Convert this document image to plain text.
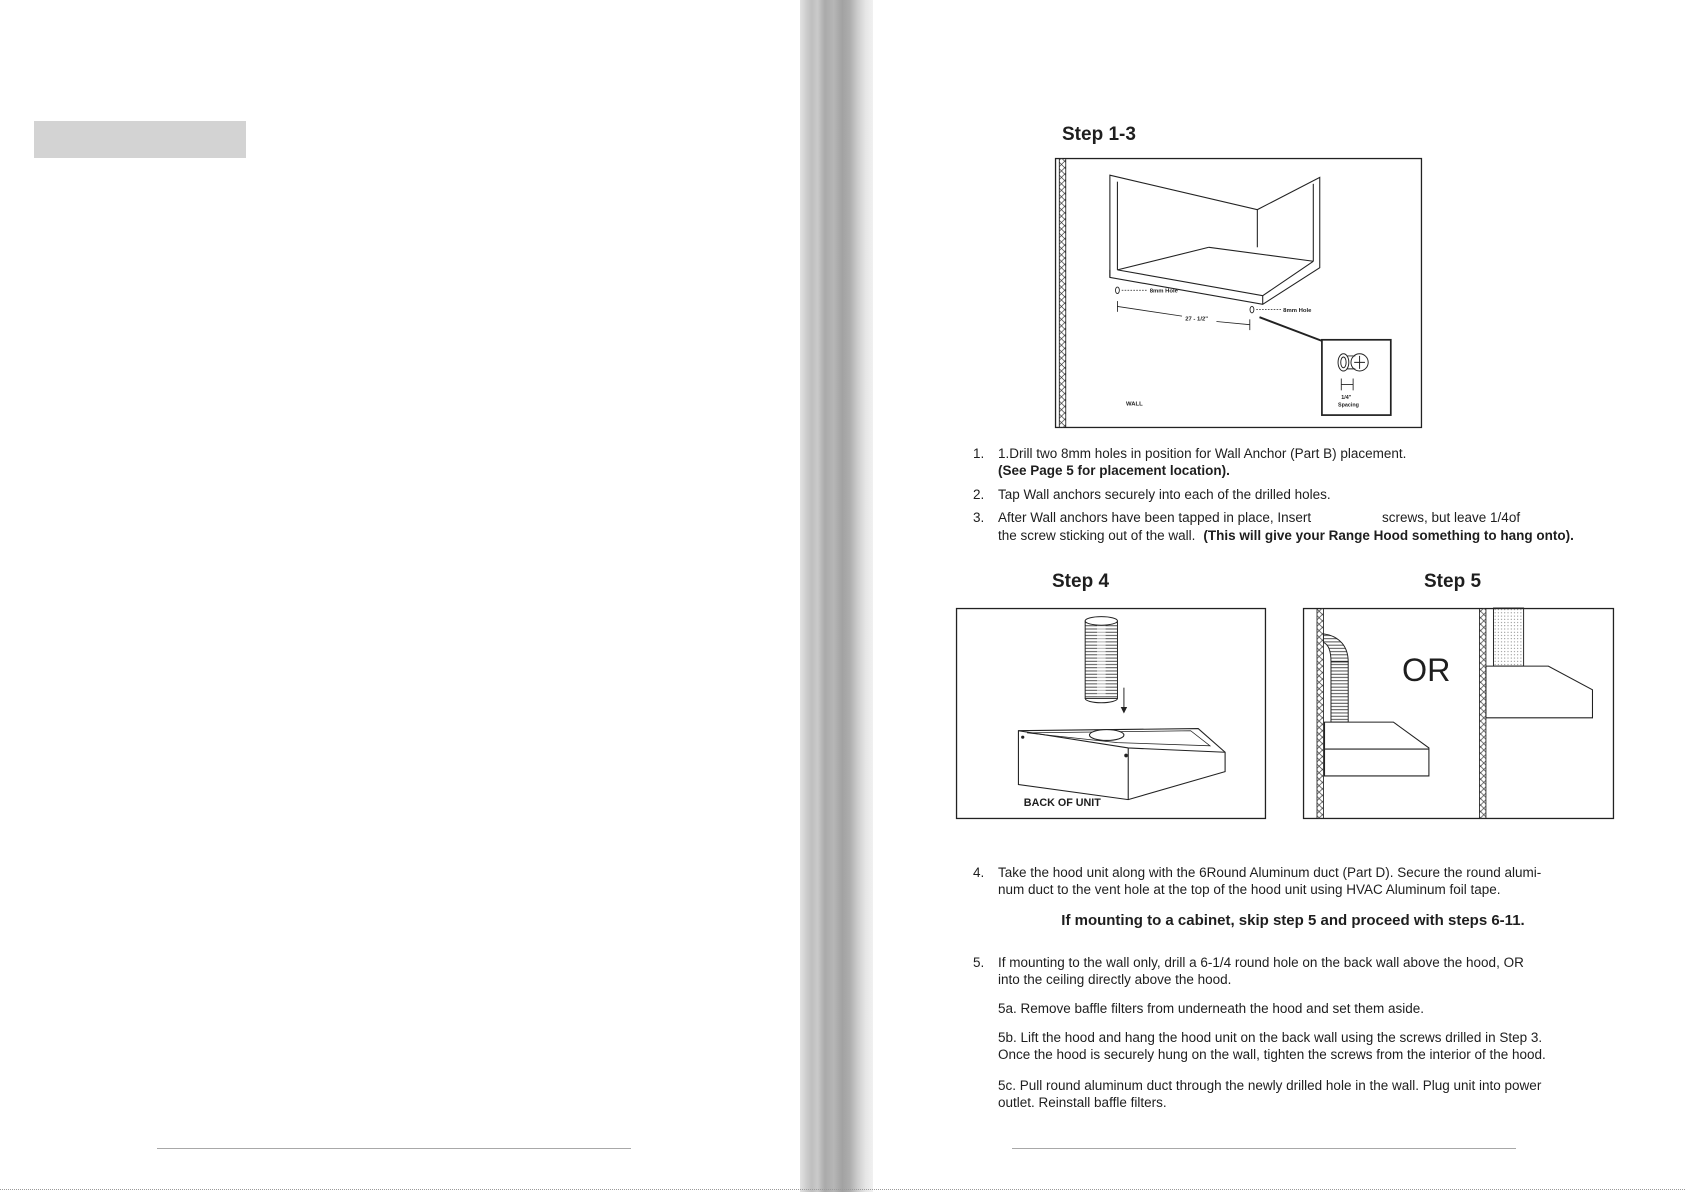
Step 1-3
8mm Hole
8mm Hole
27 - 1/2"
1/4"
Spacing
WALL
1. 1.Drill two 8mm holes in position for Wall Anchor (Part B) placement.
(See Page 5 for placement location).
2. Tap Wall anchors securely into each of the drilled holes.
3. After Wall anchors have been tapped in place, Insert	screws, but leave 1/4of
the screw sticking out of the wall. (This will give your Range Hood something to hang onto).
Step 4	Step 5
BACK OF UNIT
OR
4. Take the hood unit along with the 6Round Aluminum duct (Part D). Secure the round alumi-
num duct to the vent hole at the top of the hood unit using HVAC Aluminum foil tape.
If mounting to a cabinet, skip step 5 and proceed with steps 6-11.
5. If mounting to the wall only, drill a 6-1/4 round hole on the back wall above the hood, OR
into the ceiling directly above the hood.
5a. Remove baffle filters from underneath the hood and set them aside.
5b. Lift the hood and hang the hood unit on the back wall using the screws drilled in Step 3.
Once the hood is securely hung on the wall, tighten the screws from the interior of the hood.
5c. Pull round aluminum duct through the newly drilled hole in the wall. Plug unit into power
outlet. Reinstall baffle filters.
